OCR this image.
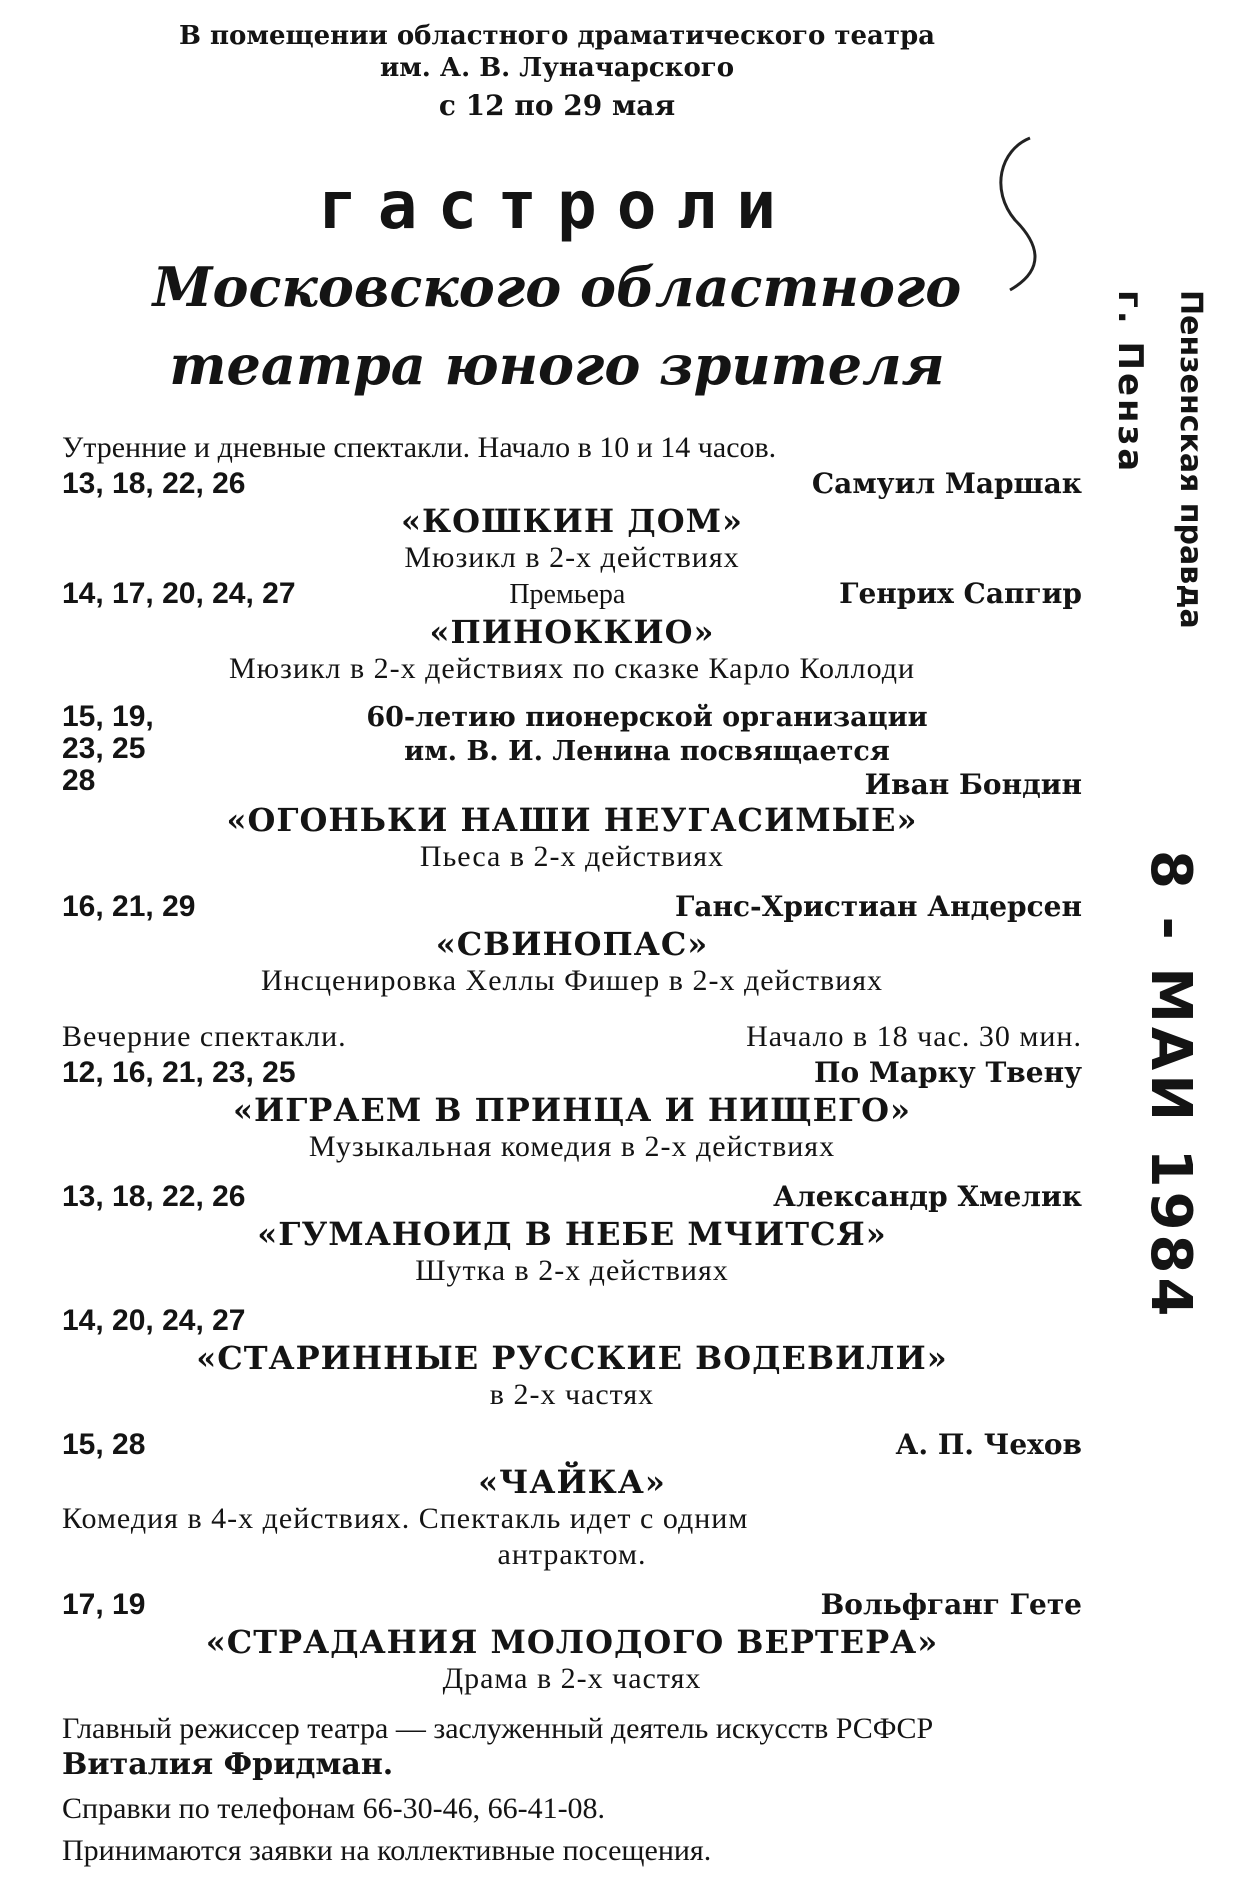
В помещении областного драматического театра
им. А. В. Луначарского
с 12 по 29 мая
гастроли
Московского областного
театра юного зрителя
Утренние и дневные спектакли. Начало в 10 и 14 часов.
13, 18, 22, 26	Самуил Маршак
«КОШКИН ДОМ»
Мюзикл в 2-х действиях
14, 17, 20, 24, 27	Премьера	Генрих Сапгир
«ПИНОККИО»
Мюзикл в 2-х действиях по сказке Карло Коллоди
15, 19,
23, 25
28
60-летию пионерской организации
им. В. И. Ленина посвящается
Иван Бондин
«ОГОНЬКИ НАШИ НЕУГАСИМЫЕ»
Пьеса в 2-х действиях
16, 21, 29	Ганс-Христиан Андерсен
«СВИНОПАС»
Инсценировка Хеллы Фишер в 2-х действиях
Вечерние спектакли.	Начало в 18 час. 30 мин.
12, 16, 21, 23, 25	По Марку Твену
«ИГРАЕМ В ПРИНЦА И НИЩЕГО»
Музыкальная комедия в 2-х действиях
13, 18, 22, 26	Александр Хмелик
«ГУМАНОИД В НЕБЕ МЧИТСЯ»
Шутка в 2-х действиях
14, 20, 24, 27
«СТАРИННЫЕ РУССКИЕ ВОДЕВИЛИ»
в 2-х частях
15, 28	А. П. Чехов
«ЧАЙКА»
Комедия в 4-х действиях. Спектакль идет с одним
антрактом.
17, 19	Вольфганг Гете
«СТРАДАНИЯ МОЛОДОГО ВЕРТЕРА»
Драма в 2-х частях
Главный режиссер театра — заслуженный деятель искусств РСФСР Виталия Фридман.
Справки по телефонам 66-30-46, 66-41-08.
Принимаются заявки на коллективные посещения.
Пензенская правда
г. Пенза
8 - МАИ 1984
